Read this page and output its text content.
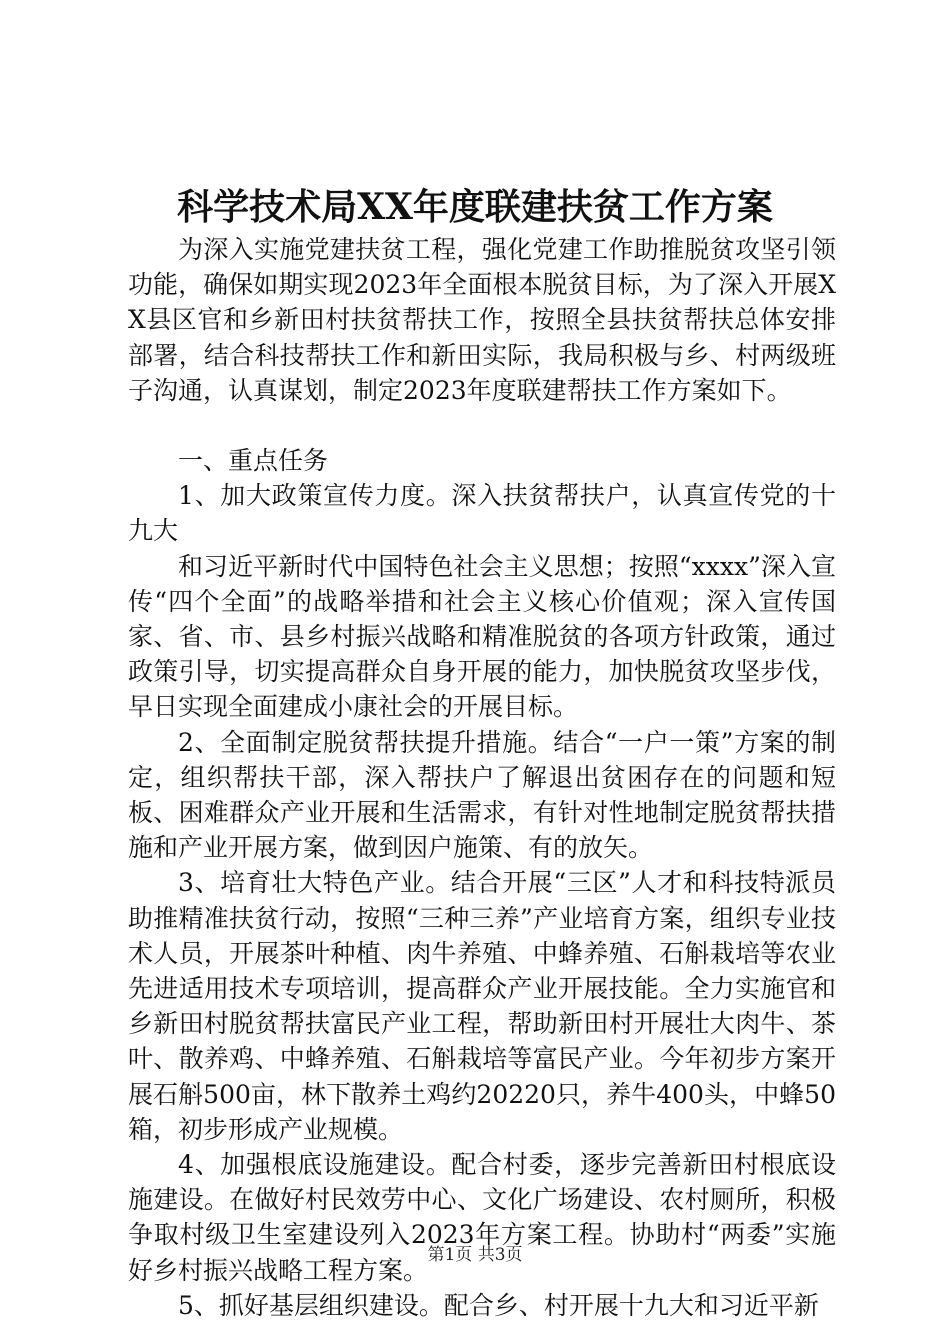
科学技术局XX年度联建扶贫工作方案

为深入实施党建扶贫工程，强化党建工作助推脱贫攻坚引领功能，确保如期实现2023年全面根本脱贫目标，为了深入开展XX县区官和乡新田村扶贫帮扶工作，按照全县扶贫帮扶总体安排部署，结合科技帮扶工作和新田实际，我局积极与乡、村两级班子沟通，认真谋划，制定2023年度联建帮扶工作方案如下。

一、重点任务

1、加大政策宣传力度。深入扶贫帮扶户，认真宣传党的十九大

和习近平新时代中国特色社会主义思想；按照“xxxx”深入宣传“四个全面”的战略举措和社会主义核心价值观；深入宣传国家、省、市、县乡村振兴战略和精准脱贫的各项方针政策，通过政策引导，切实提高群众自身开展的能力，加快脱贫攻坚步伐，早日实现全面建成小康社会的开展目标。

2、全面制定脱贫帮扶提升措施。结合“一户一策”方案的制定，组织帮扶干部，深入帮扶户了解退出贫困存在的问题和短板、困难群众产业开展和生活需求，有针对性地制定脱贫帮扶措施和产业开展方案，做到因户施策、有的放矢。

3、培育壮大特色产业。结合开展“三区”人才和科技特派员助推精准扶贫行动，按照“三种三养”产业培育方案，组织专业技术人员，开展茶叶种植、肉牛养殖、中蜂养殖、石斛栽培等农业先进适用技术专项培训，提高群众产业开展技能。全力实施官和乡新田村脱贫帮扶富民产业工程，帮助新田村开展壮大肉牛、茶叶、散养鸡、中蜂养殖、石斛栽培等富民产业。今年初步方案开展石斛500亩，林下散养土鸡约20220只，养牛400头，中蜂50箱，初步形成产业规模。

4、加强根底设施建设。配合村委，逐步完善新田村根底设施建设。在做好村民效劳中心、文化广场建设、农村厕所，积极争取村级卫生室建设列入2023年方案工程。协助村“两委”实施好乡村振兴战略工程方案。

5、抓好基层组织建设。配合乡、村开展十九大和习近平新

第1页 共3页
